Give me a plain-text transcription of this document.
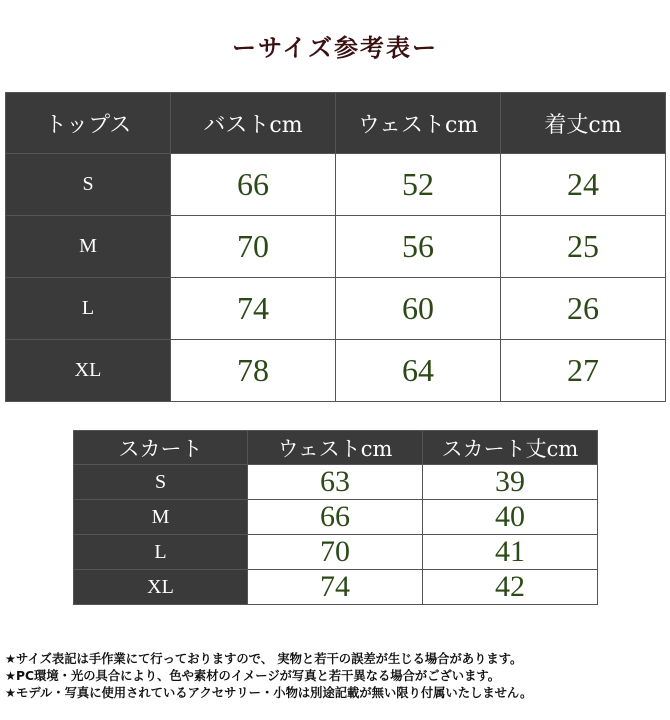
ーサイズ参考表ー
トップス	バストcm	ウェストcm	着丈cm
S	66	52	24
M	70	56	25
L	74	60	26
XL	78	64	27
スカート	ウェストcm	スカート丈cm
S	63	39
M	66	40
L	70	41
XL	74	42
★サイズ表記は手作業にて行っておりますので、 実物と若干の誤差が生じる場合があります。
★PC環境・光の具合により、色や素材のイメージが写真と若干異なる場合がございます。
★モデル・写真に使用されているアクセサリー・小物は別途記載が無い限り付属いたしません。
